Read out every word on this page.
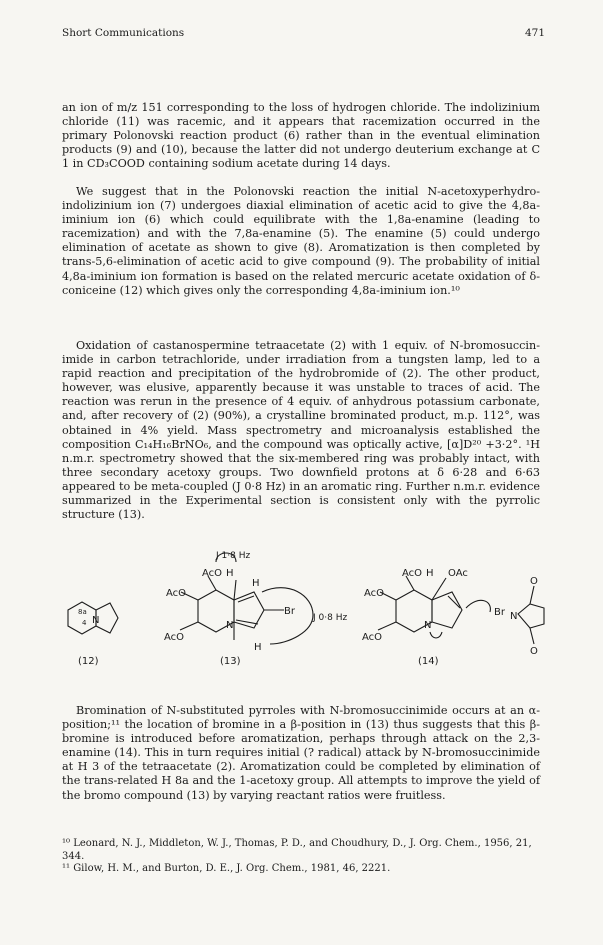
Short Communications	471

an ion of m/z 151 corresponding to the loss of hydrogen chloride. The indolizinium chloride (11) was racemic, and it appears that racemization occurred in the primary Polonovski reaction product (6) rather than in the eventual elimination products (9) and (10), because the latter did not undergo deuterium exchange at C 1 in CD₃COOD containing sodium acetate during 14 days.

We suggest that in the Polonovski reaction the initial N-acetoxyperhydro-indolizinium ion (7) undergoes diaxial elimination of acetic acid to give the 4,8a-iminium ion (6) which could equilibrate with the 1,8a-enamine (leading to racemization) and with the 7,8a-enamine (5). The enamine (5) could undergo elimination of acetate as shown to give (8). Aromatization is then completed by trans-5,6-elimination of acetic acid to give compound (9). The probability of initial 4,8a-iminium ion formation is based on the related mercuric acetate oxidation of δ-coniceine (12) which gives only the corresponding 4,8a-iminium ion.¹⁰

Oxidation of castanospermine tetraacetate (2) with 1 equiv. of N-bromosuccin-imide in carbon tetrachloride, under irradiation from a tungsten lamp, led to a rapid reaction and precipitation of the hydrobromide of (2). The other product, however, was elusive, apparently because it was unstable to traces of acid. The reaction was rerun in the presence of 4 equiv. of anhydrous potassium carbonate, and, after recovery of (2) (90%), a crystalline brominated product, m.p. 112°, was obtained in 4% yield. Mass spectrometry and microanalysis established the composition C₁₄H₁₆BrNO₆, and the compound was optically active, [α]D²⁰ +3·2°. ¹H n.m.r. spectrometry showed that the six-membered ring was probably intact, with three secondary acetoxy groups. Two downfield protons at δ 6·28 and 6·63 appeared to be meta-coupled (J 0·8 Hz) in an aromatic ring. Further n.m.r. evidence summarized in the Experimental section is consistent only with the pyrrolic structure (13).

8a
4 N
J 1·8 Hz
AcO H
H
AcO
Br
N
AcO
H
J 0·8 Hz
AcO H OAc
AcO
N
AcO
Br N
O
O
(12)	(13)	(14)

Bromination of N-substituted pyrroles with N-bromosuccinimide occurs at an α-position;¹¹ the location of bromine in a β-position in (13) thus suggests that this β-bromine is introduced before aromatization, perhaps through attack on the 2,3-enamine (14). This in turn requires initial (? radical) attack by N-bromosuccinimide at H 3 of the tetraacetate (2). Aromatization could be completed by elimination of the trans-related H 8a and the 1-acetoxy group. All attempts to improve the yield of the bromo compound (13) by varying reactant ratios were fruitless.

¹⁰ Leonard, N. J., Middleton, W. J., Thomas, P. D., and Choudhury, D., J. Org. Chem., 1956, 21, 344.

¹¹ Gilow, H. M., and Burton, D. E., J. Org. Chem., 1981, 46, 2221.
